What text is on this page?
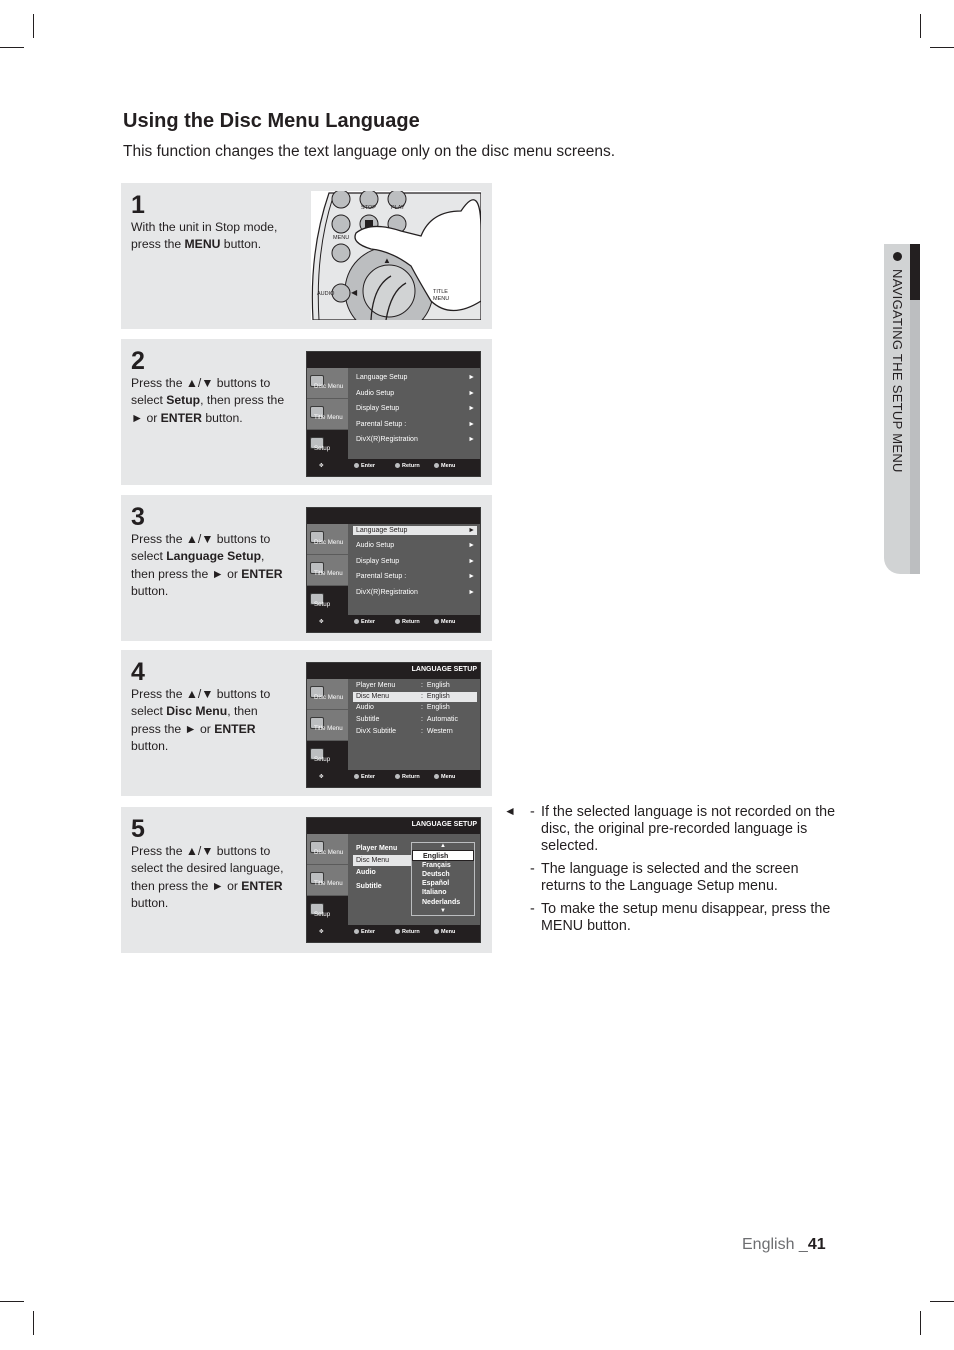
Using the Disc Menu Language

This function changes the text language only on the disc menu screens.

1
With the unit in Stop mode, press the MENU button.
▲
◀
STOP	PLAY
MENU
AUDIO	TITLE
MENU
2
Press the ▲/▼ buttons to select Setup, then press the ► or ENTER button.
Disc Menu
Title Menu
Setup
Language Setup	►
Audio Setup	►
Display Setup	►
Parental Setup :	►
DivX(R)Registration	►
✥	Enter	Return	Menu
3
Press the ▲/▼ buttons to select Language Setup, then press the ► or ENTER button.
Disc Menu
Title Menu
Setup
Language Setup	►
Audio Setup	►
Display Setup	►
Parental Setup :	►
DivX(R)Registration	►
✥	Enter	Return	Menu
4
Press the ▲/▼ buttons to select Disc Menu, then press the ► or ENTER button.
LANGUAGE SETUP
Disc Menu
Title Menu
Setup
Player Menu	:  English
Disc Menu	:  English
Audio	:  English
Subtitle	:  Automatic
DivX Subtitle	:  Western
✥	Enter	Return	Menu
5
Press the ▲/▼ buttons to select the desired language, then press the ► or ENTER button.
LANGUAGE SETUP
Disc Menu
Title Menu
Setup
Player Menu
Disc Menu
Audio
Subtitle
▲
English
Français
Deutsch
Español
Italiano
Nederlands
▼
✥	Enter	Return	Menu
NAVIGATING THE SETUP MENU
◄ - If the selected language is not recorded on the disc, the original pre-recorded language is selected.
- The language is selected and the screen returns to the Language Setup menu.
- To make the setup menu disappear, press the MENU button.
English _41
